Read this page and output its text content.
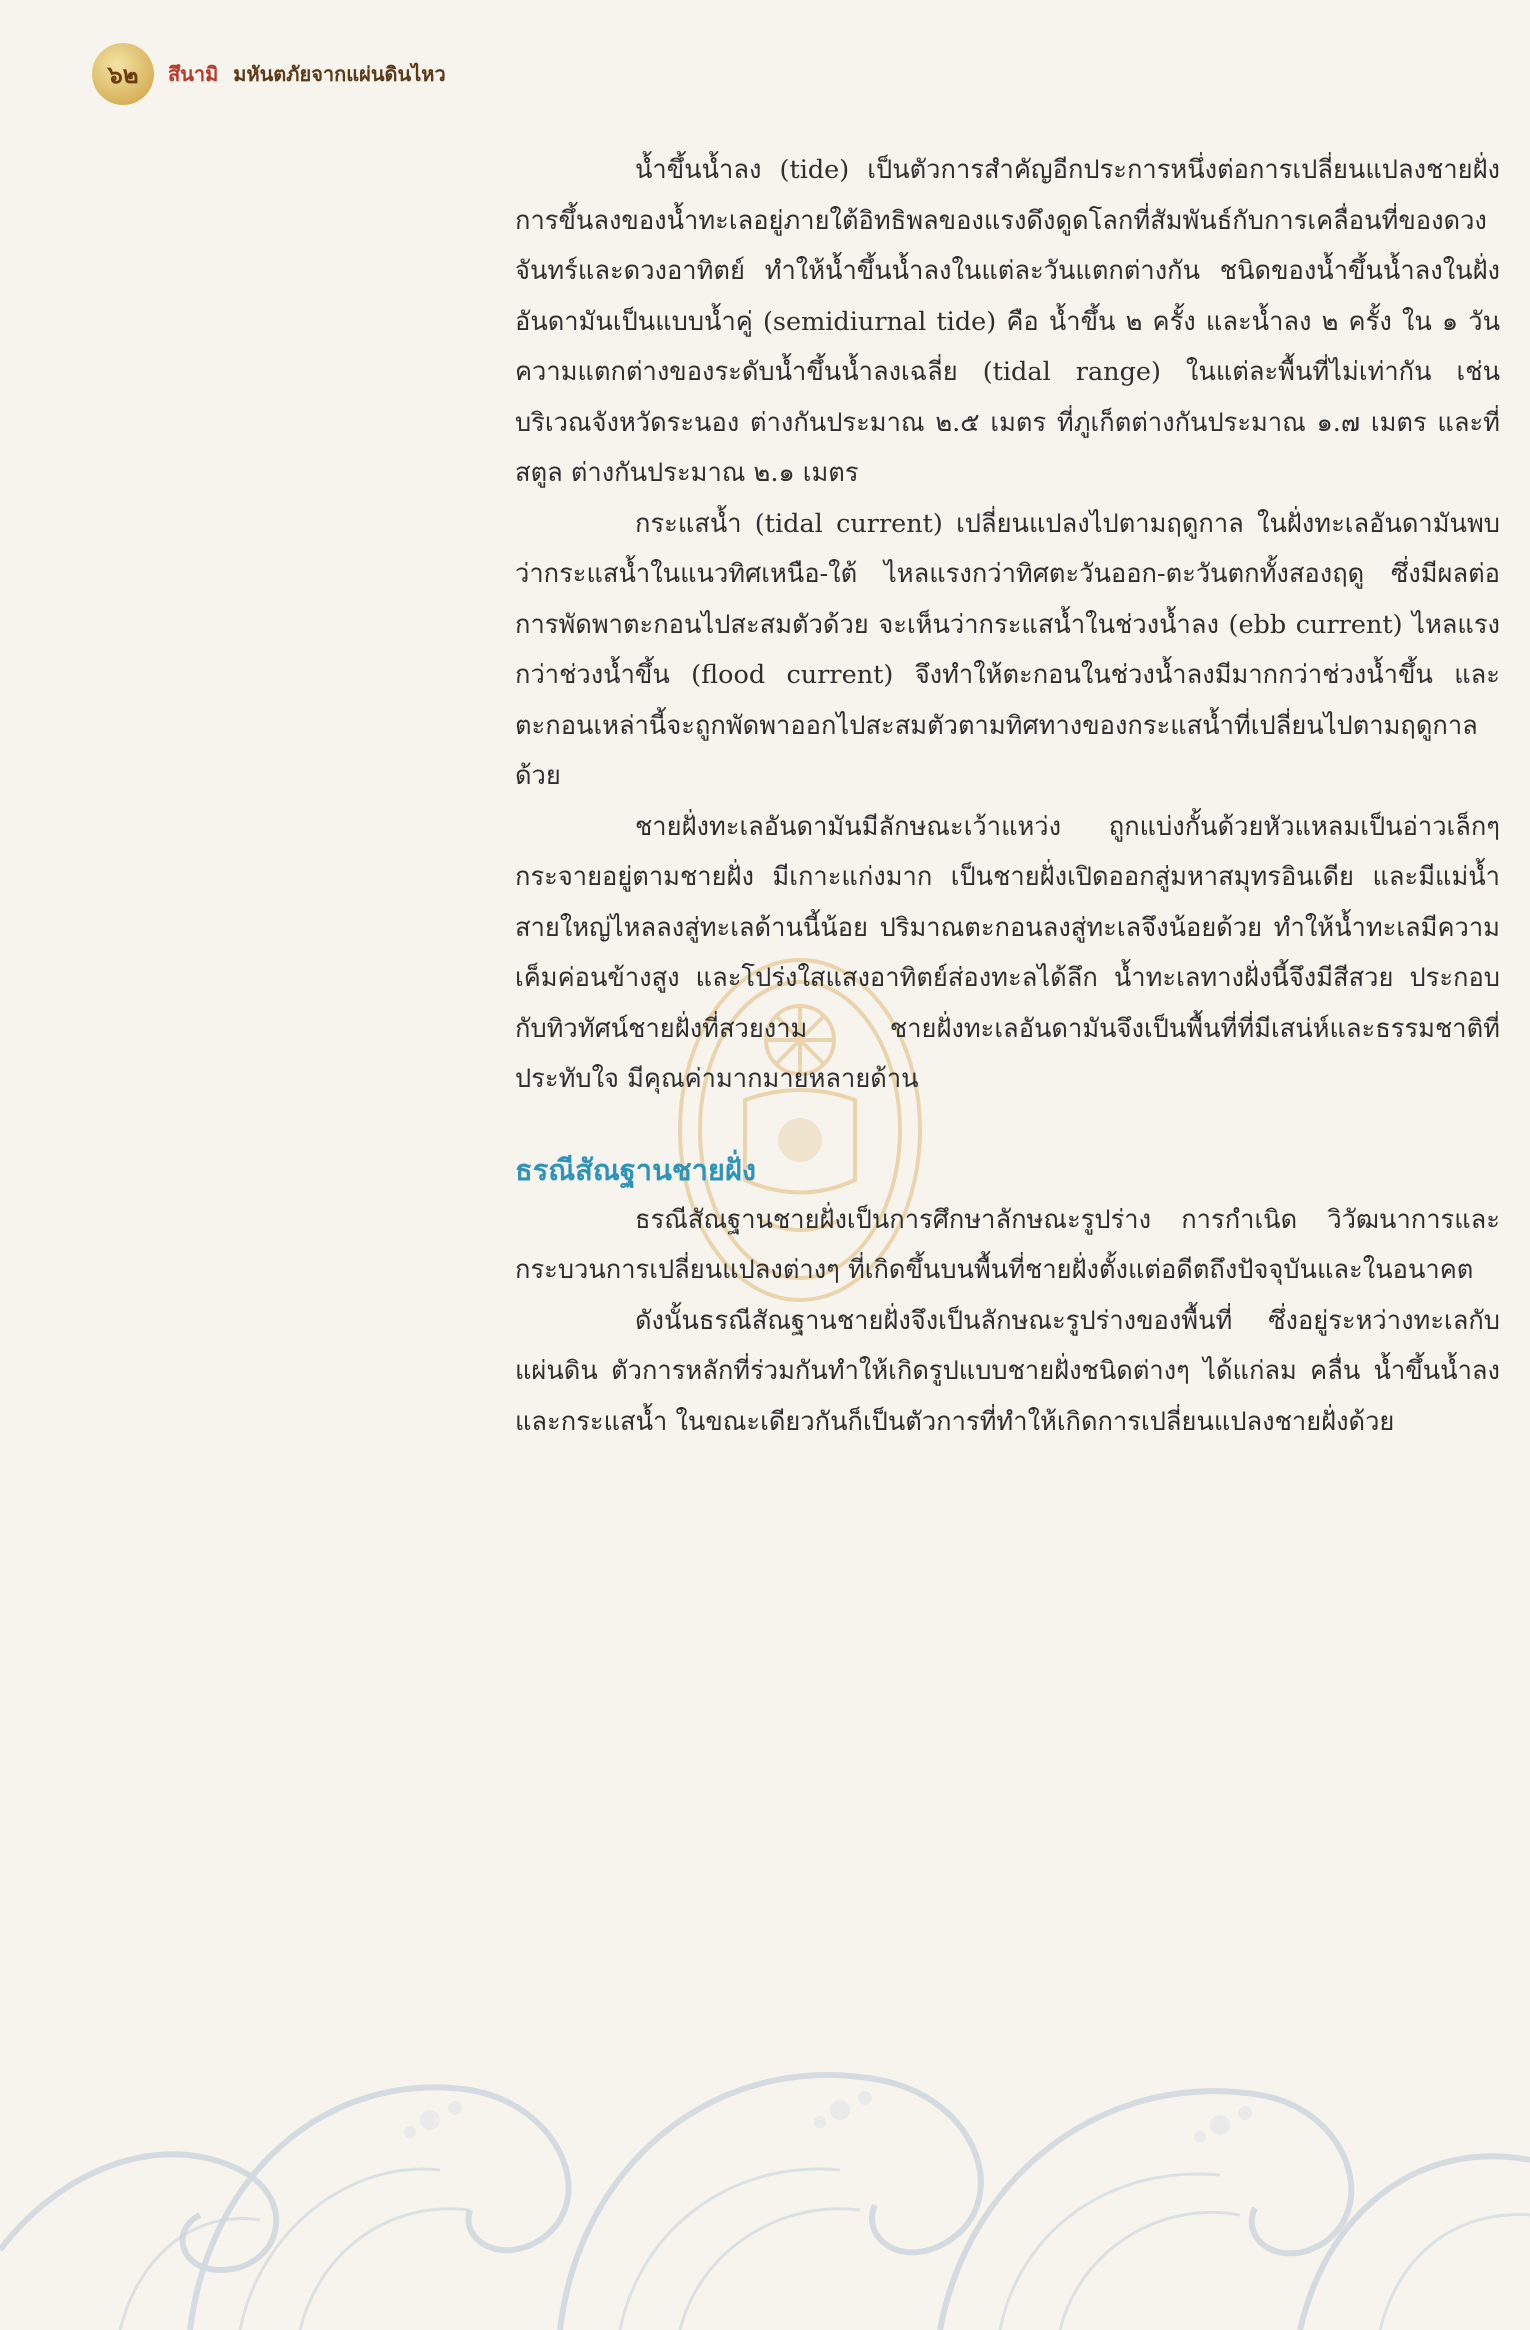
๖๒ สึนามิ มหันตภัยจากแผ่นดินไหว

น้ำขึ้นน้ำลง (tide) เป็นตัวการสำคัญอีกประการหนึ่งต่อการเปลี่ยนแปลงชายฝั่ง การขึ้นลงของน้ำทะเลอยู่ภายใต้อิทธิพลของแรงดึงดูดโลกที่สัมพันธ์กับการเคลื่อนที่ของดวงจันทร์และดวงอาทิตย์ ทำให้น้ำขึ้นน้ำลงในแต่ละวันแตกต่างกัน ชนิดของน้ำขึ้นน้ำลงในฝั่งอันดามันเป็นแบบน้ำคู่ (semidiurnal tide) คือ น้ำขึ้น ๒ ครั้ง และน้ำลง ๒ ครั้ง ใน ๑ วัน ความแตกต่างของระดับน้ำขึ้นน้ำลงเฉลี่ย (tidal range) ในแต่ละพื้นที่ไม่เท่ากัน เช่น บริเวณจังหวัดระนอง ต่างกันประมาณ ๒.๕ เมตร ที่ภูเก็ตต่างกันประมาณ ๑.๗ เมตร และที่สตูล ต่างกันประมาณ ๒.๑ เมตร

กระแสน้ำ (tidal current) เปลี่ยนแปลงไปตามฤดูกาล ในฝั่งทะเลอันดามันพบว่ากระแสน้ำในแนวทิศเหนือ-ใต้ ไหลแรงกว่าทิศตะวันออก-ตะวันตกทั้งสองฤดู ซึ่งมีผลต่อการพัดพาตะกอนไปสะสมตัวด้วย จะเห็นว่ากระแสน้ำในช่วงน้ำลง (ebb current) ไหลแรงกว่าช่วงน้ำขึ้น (flood current) จึงทำให้ตะกอนในช่วงน้ำลงมีมากกว่าช่วงน้ำขึ้น และตะกอนเหล่านี้จะถูกพัดพาออกไปสะสมตัวตามทิศทางของกระแสน้ำที่เปลี่ยนไปตามฤดูกาลด้วย

ชายฝั่งทะเลอันดามันมีลักษณะเว้าแหว่ง ถูกแบ่งกั้นด้วยหัวแหลมเป็นอ่าวเล็กๆ กระจายอยู่ตามชายฝั่ง มีเกาะแก่งมาก เป็นชายฝั่งเปิดออกสู่มหาสมุทรอินเดีย และมีแม่น้ำสายใหญ่ไหลลงสู่ทะเลด้านนี้น้อย ปริมาณตะกอนลงสู่ทะเลจึงน้อยด้วย ทำให้น้ำทะเลมีความเค็มค่อนข้างสูง และโปร่งใสแสงอาทิตย์ส่องทะลได้ลึก น้ำทะเลทางฝั่งนี้จึงมีสีสวย ประกอบกับทิวทัศน์ชายฝั่งที่สวยงาม ชายฝั่งทะเลอันดามันจึงเป็นพื้นที่ที่มีเสน่ห์และธรรมชาติที่ประทับใจ มีคุณค่ามากมายหลายด้าน

ธรณีสัณฐานชายฝั่ง

ธรณีสัณฐานชายฝั่งเป็นการศึกษาลักษณะรูปร่าง การกำเนิด วิวัฒนาการและกระบวนการเปลี่ยนแปลงต่างๆ ที่เกิดขึ้นบนพื้นที่ชายฝั่งตั้งแต่อดีตถึงปัจจุบันและในอนาคต

ดังนั้นธรณีสัณฐานชายฝั่งจึงเป็นลักษณะรูปร่างของพื้นที่ ซึ่งอยู่ระหว่างทะเลกับแผ่นดิน ตัวการหลักที่ร่วมกันทำให้เกิดรูปแบบชายฝั่งชนิดต่างๆ ได้แก่ลม คลื่น น้ำขึ้นน้ำลง และกระแสน้ำ ในขณะเดียวกันก็เป็นตัวการที่ทำให้เกิดการเปลี่ยนแปลงชายฝั่งด้วย
